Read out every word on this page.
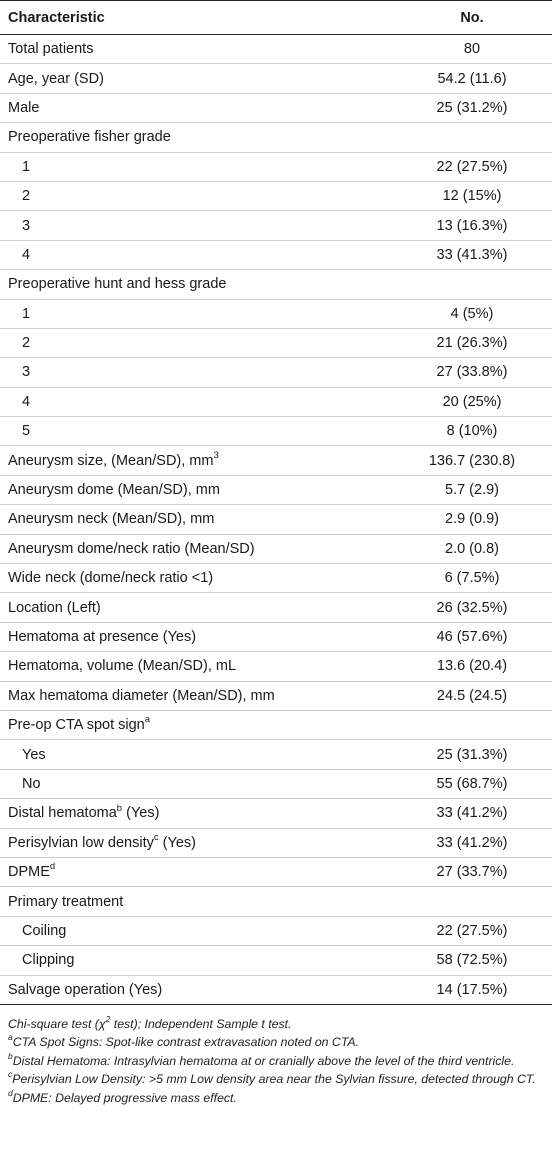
Characteristic	No.
Total patients	80
Age, year (SD)	54.2 (11.6)
Male	25 (31.2%)
Preoperative fisher grade	
1	22 (27.5%)
2	12 (15%)
3	13 (16.3%)
4	33 (41.3%)
Preoperative hunt and hess grade	
1	4 (5%)
2	21 (26.3%)
3	27 (33.8%)
4	20 (25%)
5	8 (10%)
Aneurysm size, (Mean/SD), $mm^3$	136.7 (230.8)
Aneurysm dome (Mean/SD), mm	5.7 (2.9)
Aneurysm neck (Mean/SD), mm	2.9 (0.9)
Aneurysm dome/neck ratio (Mean/SD)	2.0 (0.8)
Wide neck (dome/neck ratio <1)	6 (7.5%)
Location (Left)	26 (32.5%)
Hematoma at presence (Yes)	46 (57.6%)
Hematoma, volume (Mean/SD), mL	13.6 (20.4)
Max hematoma diameter (Mean/SD), mm	24.5 (24.5)
Pre-op CTA spot sign$^a$	
Yes	25 (31.3%)
No	55 (68.7%)
Distal hematoma$^b$ (Yes)	33 (41.2%)
Perisylvian low density$^c$ (Yes)	33 (41.2%)
DPME$^d$	27 (33.7%)
Primary treatment	
Coiling	22 (27.5%)
Clipping	58 (72.5%)
Salvage operation (Yes)	14 (17.5%)

Chi-square test ($\chi^2$ test); Independent Sample t test.

$^a$CTA Spot Signs: Spot-like contrast extravasation noted on CTA.

$^b$Distal Hematoma: Intrasylvian hematoma at or cranially above the level of the third ventricle.

$^c$Perisylvian Low Density: >5 mm Low density area near the Sylvian fissure, detected through CT.

$^d$DPME: Delayed progressive mass effect.
